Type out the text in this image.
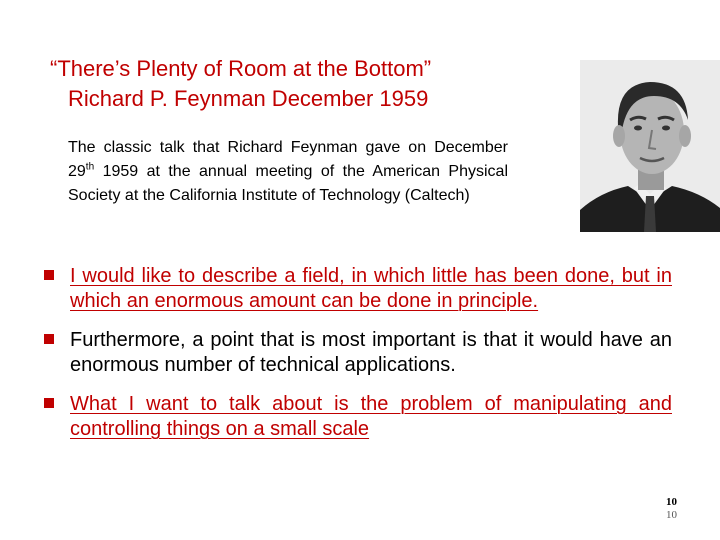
“There’s Plenty of Room at the Bottom”
Richard P. Feynman December 1959
The classic talk that Richard Feynman gave on December 29th 1959 at the annual meeting of the American Physical Society at the California Institute of Technology (Caltech)
I would like to describe a field, in which little has been done, but in which an enormous amount can be done in principle.
Furthermore, a point that is most important is that it would have an enormous number of technical applications.
What I want to talk about is the problem of manipulating and controlling things on a small scale
10
10
